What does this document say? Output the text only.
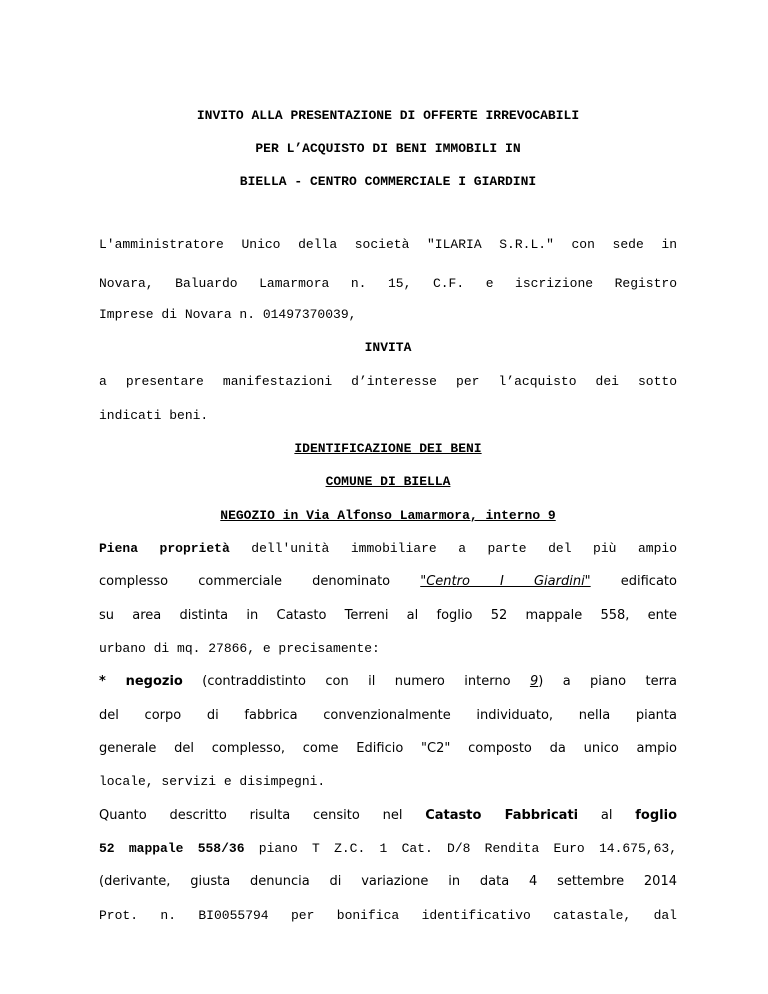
INVITO ALLA PRESENTAZIONE DI OFFERTE IRREVOCABILI
PER L’ACQUISTO DI BENI IMMOBILI IN
BIELLA - CENTRO COMMERCIALE I GIARDINI
L'amministratore Unico della società "ILARIA S.R.L." con sede in
Novara, Baluardo Lamarmora n. 15, C.F. e iscrizione Registro
Imprese di Novara n. 01497370039,
INVITA
a presentare manifestazioni d’interesse per l’acquisto dei sotto
indicati beni.
IDENTIFICAZIONE DEI BENI
COMUNE DI BIELLA
NEGOZIO in Via Alfonso Lamarmora, interno 9
Piena proprietà dell'unità immobiliare a parte del più ampio
complesso commerciale denominato "Centro I Giardini" edificato
su area distinta in Catasto Terreni al foglio 52 mappale 558, ente
urbano di mq. 27866, e precisamente:
* negozio (contraddistinto con il numero interno 9) a piano terra
del corpo di fabbrica convenzionalmente individuato, nella pianta
generale del complesso, come Edificio "C2" composto da unico ampio
locale, servizi e disimpegni.
Quanto descritto risulta censito nel Catasto Fabbricati al foglio
52 mappale 558/36 piano T Z.C. 1 Cat. D/8 Rendita Euro 14.675,63,
(derivante, giusta denuncia di variazione in data 4 settembre 2014
Prot. n. BI0055794 per bonifica identificativo catastale, dal
